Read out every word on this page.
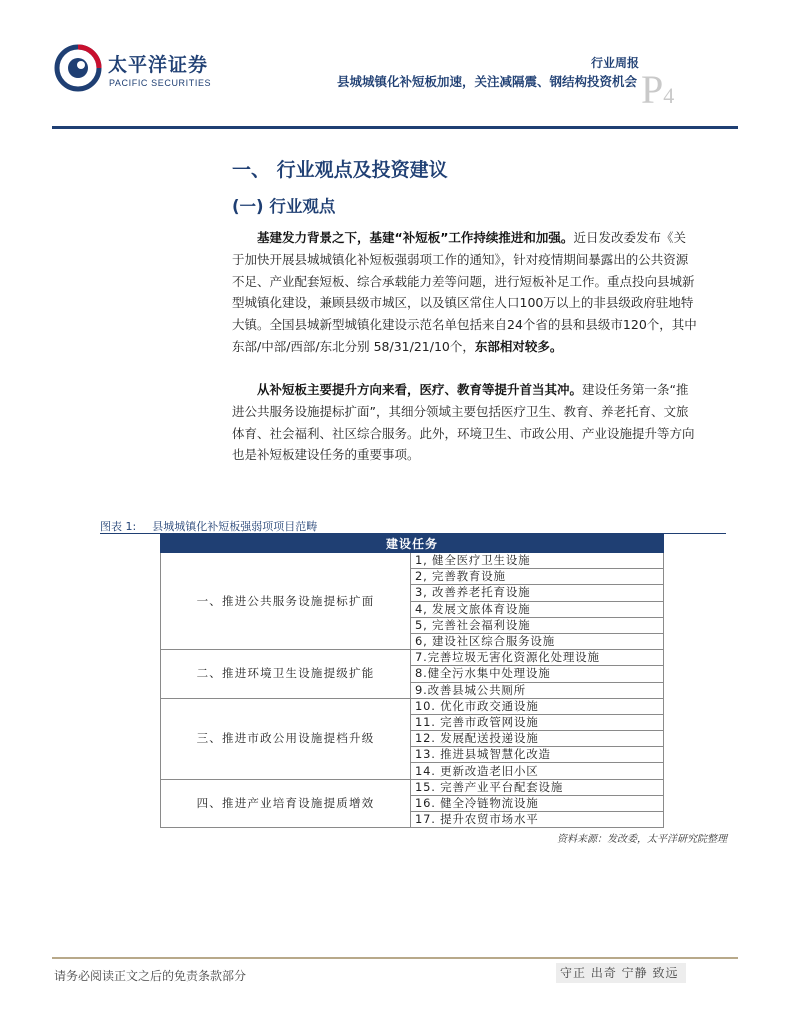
太平洋证券
PACIFIC SECURITIES
行业周报
县城城镇化补短板加速，关注减隔震、钢结构投资机会 P4
一、 行业观点及投资建议
(一) 行业观点
基建发力背景之下，基建“补短板”工作持续推进和加强。近日发改委发布《关
于加快开展县城城镇化补短板强弱项工作的通知》，针对疫情期间暴露出的公共资源
不足、产业配套短板、综合承载能力差等问题，进行短板补足工作。重点投向县城新
型城镇化建设，兼顾县级市城区，以及镇区常住人口100万以上的非县级政府驻地特
大镇。全国县城新型城镇化建设示范名单包括来自24个省的县和县级市120个，其中
东部/中部/西部/东北分别 58/31/21/10个，东部相对较多。
从补短板主要提升方向来看，医疗、教育等提升首当其冲。建设任务第一条“推
进公共服务设施提标扩面”，其细分领域主要包括医疗卫生、教育、养老托育、文旅
体育、社会福利、社区综合服务。此外，环境卫生、市政公用、产业设施提升等方向
也是补短板建设任务的重要事项。
图表 1: 县城城镇化补短板强弱项项目范畴
建设任务	
一、推进公共服务设施提标扩面	1, 健全医疗卫生设施
	2, 完善教育设施
	3, 改善养老托育设施
	4, 发展文旅体育设施
	5, 完善社会福利设施
	6, 建设社区综合服务设施
二、推进环境卫生设施提级扩能	7.完善垃圾无害化资源化处理设施
	8.健全污水集中处理设施
	9.改善县城公共厕所
三、推进市政公用设施提档升级	10. 优化市政交通设施
	11. 完善市政管网设施
	12. 发展配送投递设施
	13. 推进县城智慧化改造
	14. 更新改造老旧小区
四、推进产业培育设施提质增效	15. 完善产业平台配套设施
	16. 健全冷链物流设施
	17. 提升农贸市场水平
资料来源：发改委，太平洋研究院整理
请务必阅读正文之后的免责条款部分	守正 出奇 宁静 致远
